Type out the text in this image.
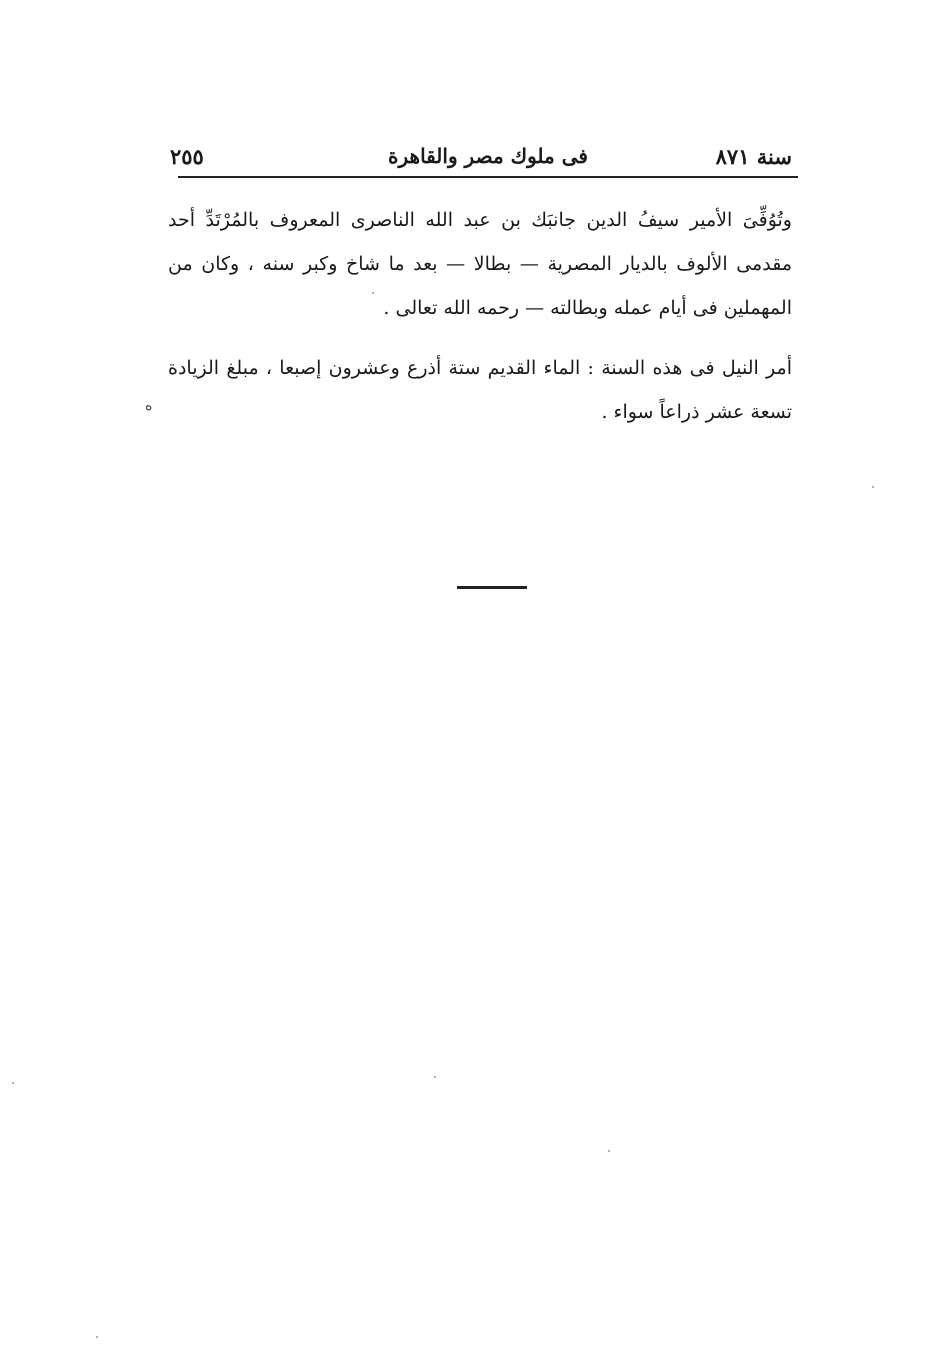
سنة ٨٧١
فى ملوك مصر والقاهرة
٢٥٥

وتُوُفِّىَ الأمير سيفُ الدين جانبَك بن عبد الله الناصرى المعروف بالمُرْتَدِّ أحد مقدمى الألوف بالديار المصرية — بطالا — بعد ما شاخ وكبر سنه ، وكان من المهملين فى أيام عمله وبطالته — رحمه الله تعالى .

أمر النيل فى هذه السنة : الماء القديم ستة أذرع وعشرون إصبعا ، مبلغ الزيادة تسعة عشر ذراعاً سواء .

ه
